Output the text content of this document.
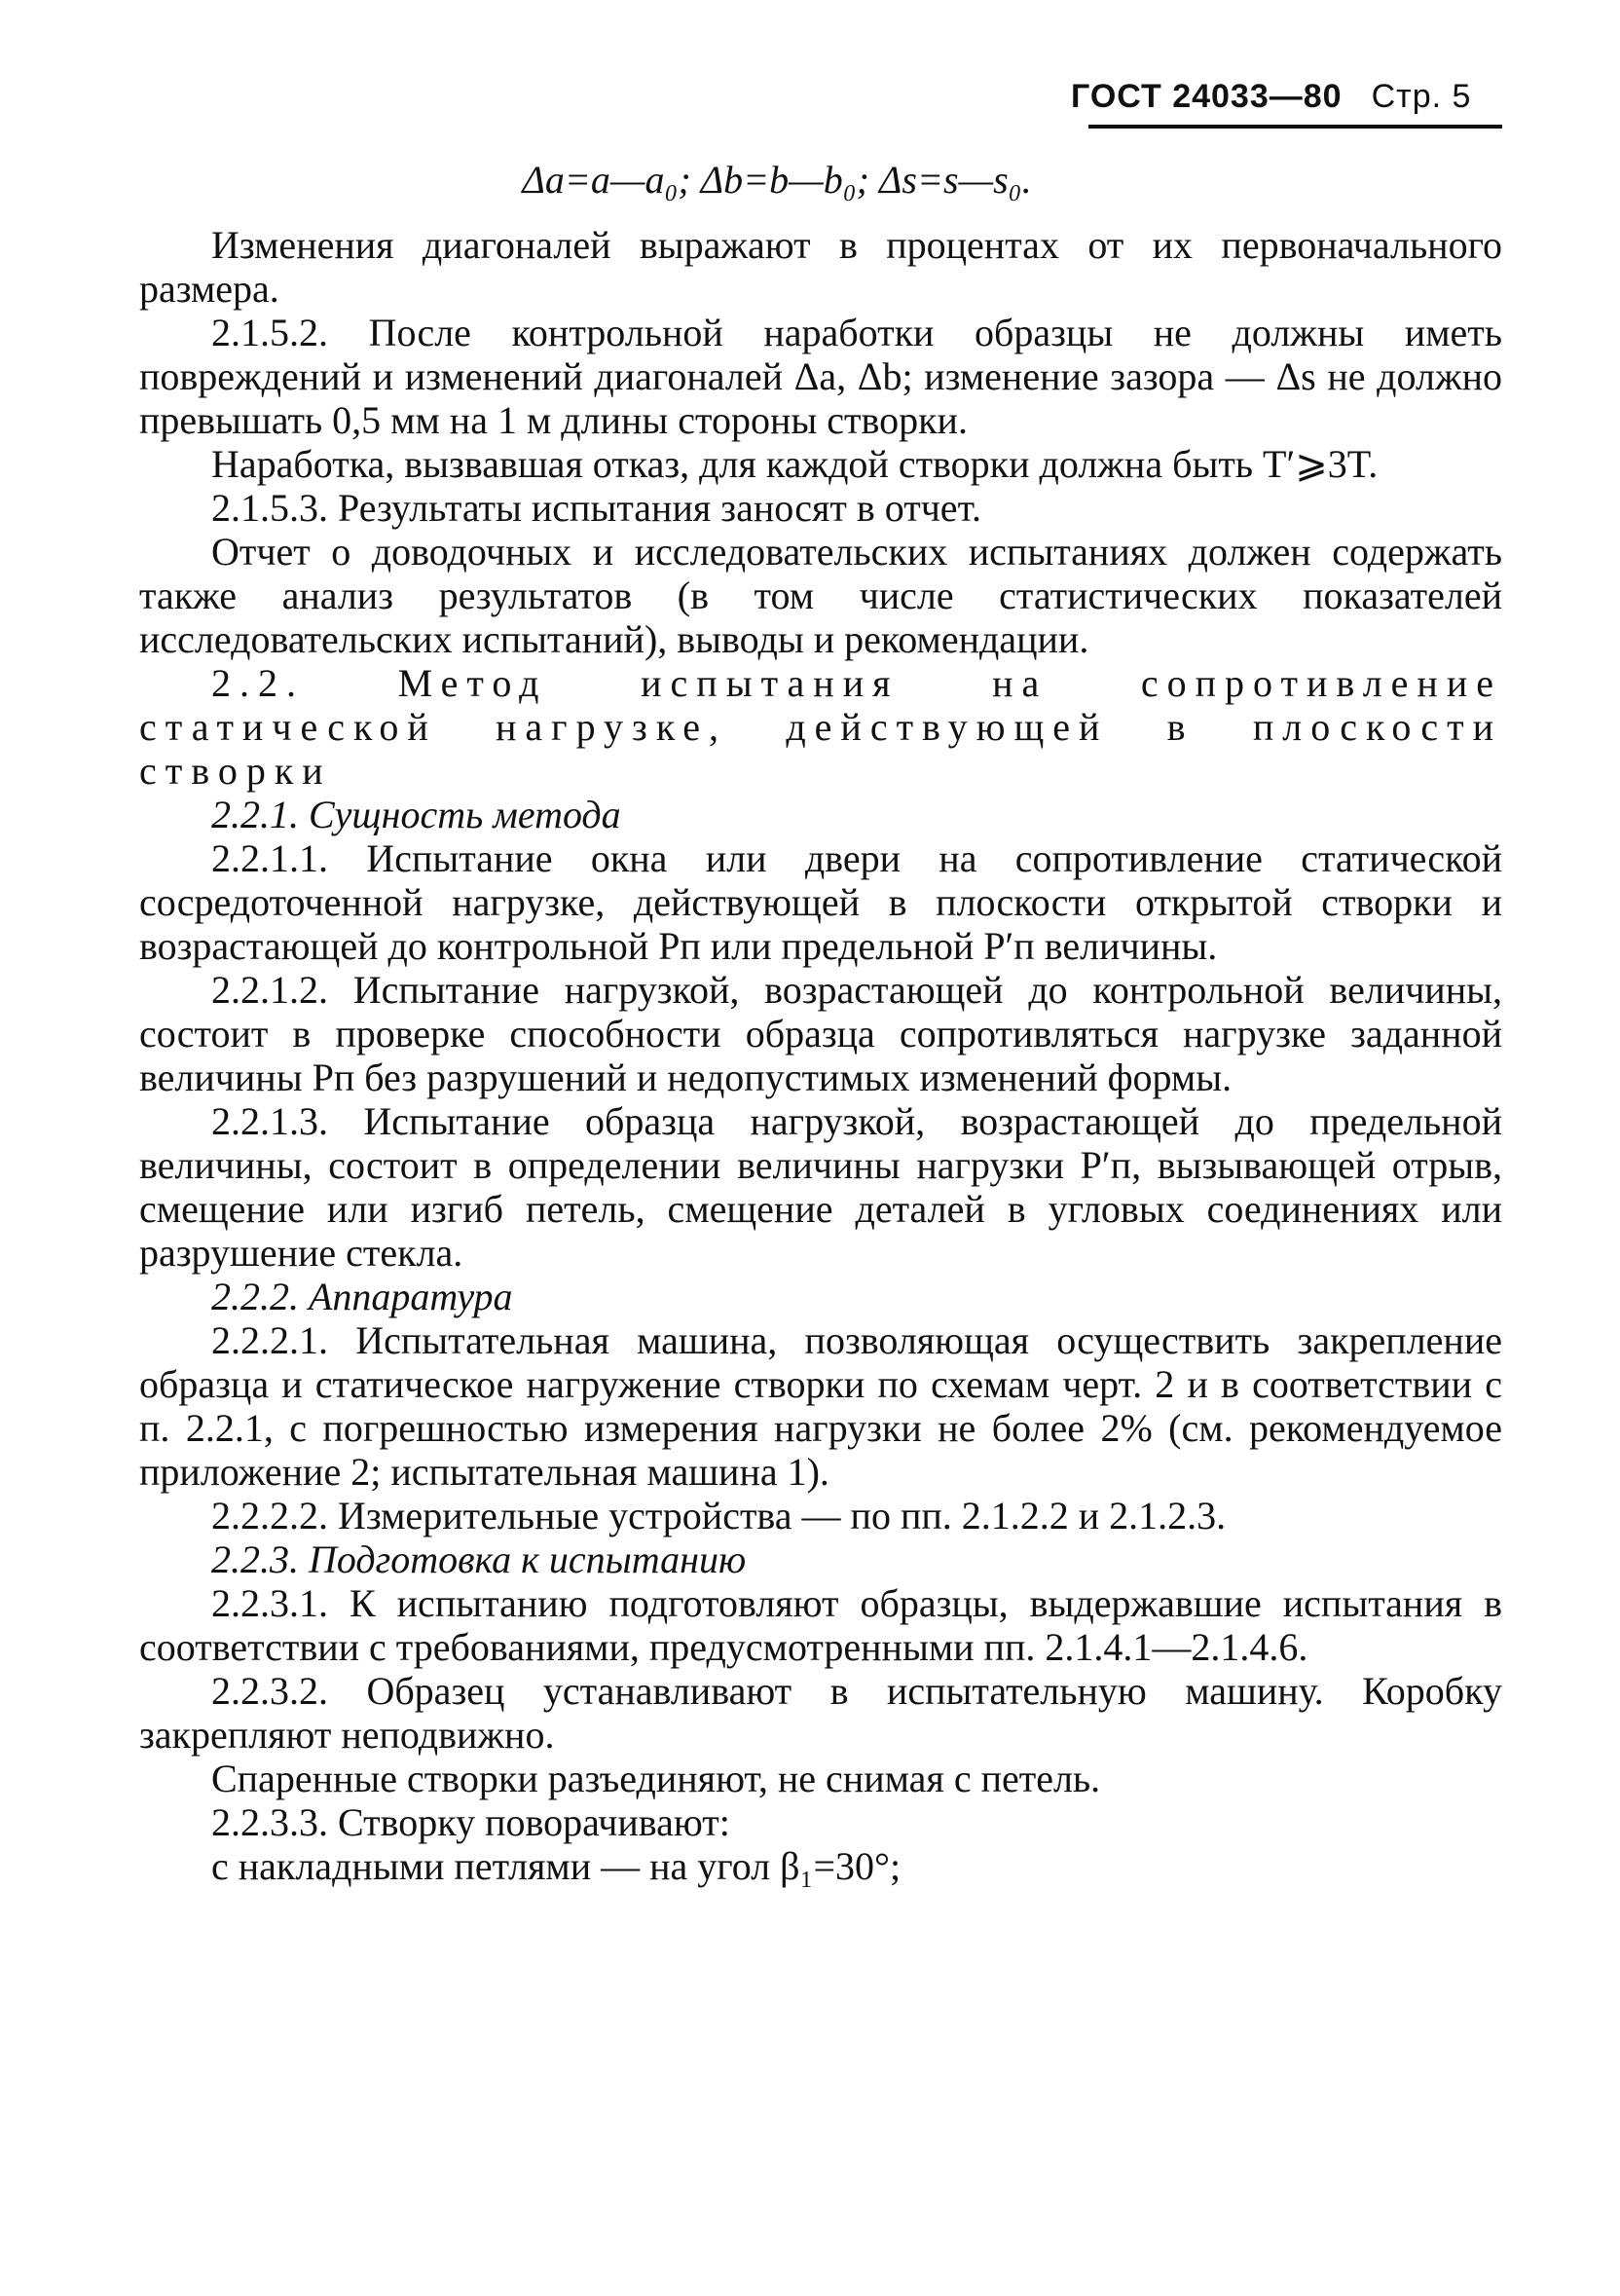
ГОСТ 24033—80 Стр. 5
Δa=a—a₀; Δb=b—b₀; Δs=s—s₀.

Изменения диагоналей выражают в процентах от их первоначального размера.

2.1.5.2. После контрольной наработки образцы не должны иметь повреждений и изменений диагоналей Δa, Δb; изменение зазора — Δs не должно превышать 0,5 мм на 1 м длины стороны створки.

Наработка, вызвавшая отказ, для каждой створки должна быть T′⩾3T.

2.1.5.3. Результаты испытания заносят в отчет.

Отчет о доводочных и исследовательских испытаниях должен содержать также анализ результатов (в том числе статистических показателей исследовательских испытаний), выводы и рекомендации.

2.2. Метод испытания на сопротивление статической нагрузке, действующей в плоскости створки

2.2.1. Сущность метода

2.2.1.1. Испытание окна или двери на сопротивление статической сосредоточенной нагрузке, действующей в плоскости открытой створки и возрастающей до контрольной Pп или предельной P′п величины.

2.2.1.2. Испытание нагрузкой, возрастающей до контрольной величины, состоит в проверке способности образца сопротивляться нагрузке заданной величины Pп без разрушений и недопустимых изменений формы.

2.2.1.3. Испытание образца нагрузкой, возрастающей до предельной величины, состоит в определении величины нагрузки P′п, вызывающей отрыв, смещение или изгиб петель, смещение деталей в угловых соединениях или разрушение стекла.

2.2.2. Аппаратура

2.2.2.1. Испытательная машина, позволяющая осуществить закрепление образца и статическое нагружение створки по схемам черт. 2 и в соответствии с п. 2.2.1, с погрешностью измерения нагрузки не более 2% (см. рекомендуемое приложение 2; испытательная машина 1).

2.2.2.2. Измерительные устройства — по пп. 2.1.2.2 и 2.1.2.3.

2.2.3. Подготовка к испытанию

2.2.3.1. К испытанию подготовляют образцы, выдержавшие испытания в соответствии с требованиями, предусмотренными пп. 2.1.4.1—2.1.4.6.

2.2.3.2. Образец устанавливают в испытательную машину. Коробку закрепляют неподвижно.

Спаренные створки разъединяют, не снимая с петель.

2.2.3.3. Створку поворачивают:

с накладными петлями — на угол β₁=30°;
